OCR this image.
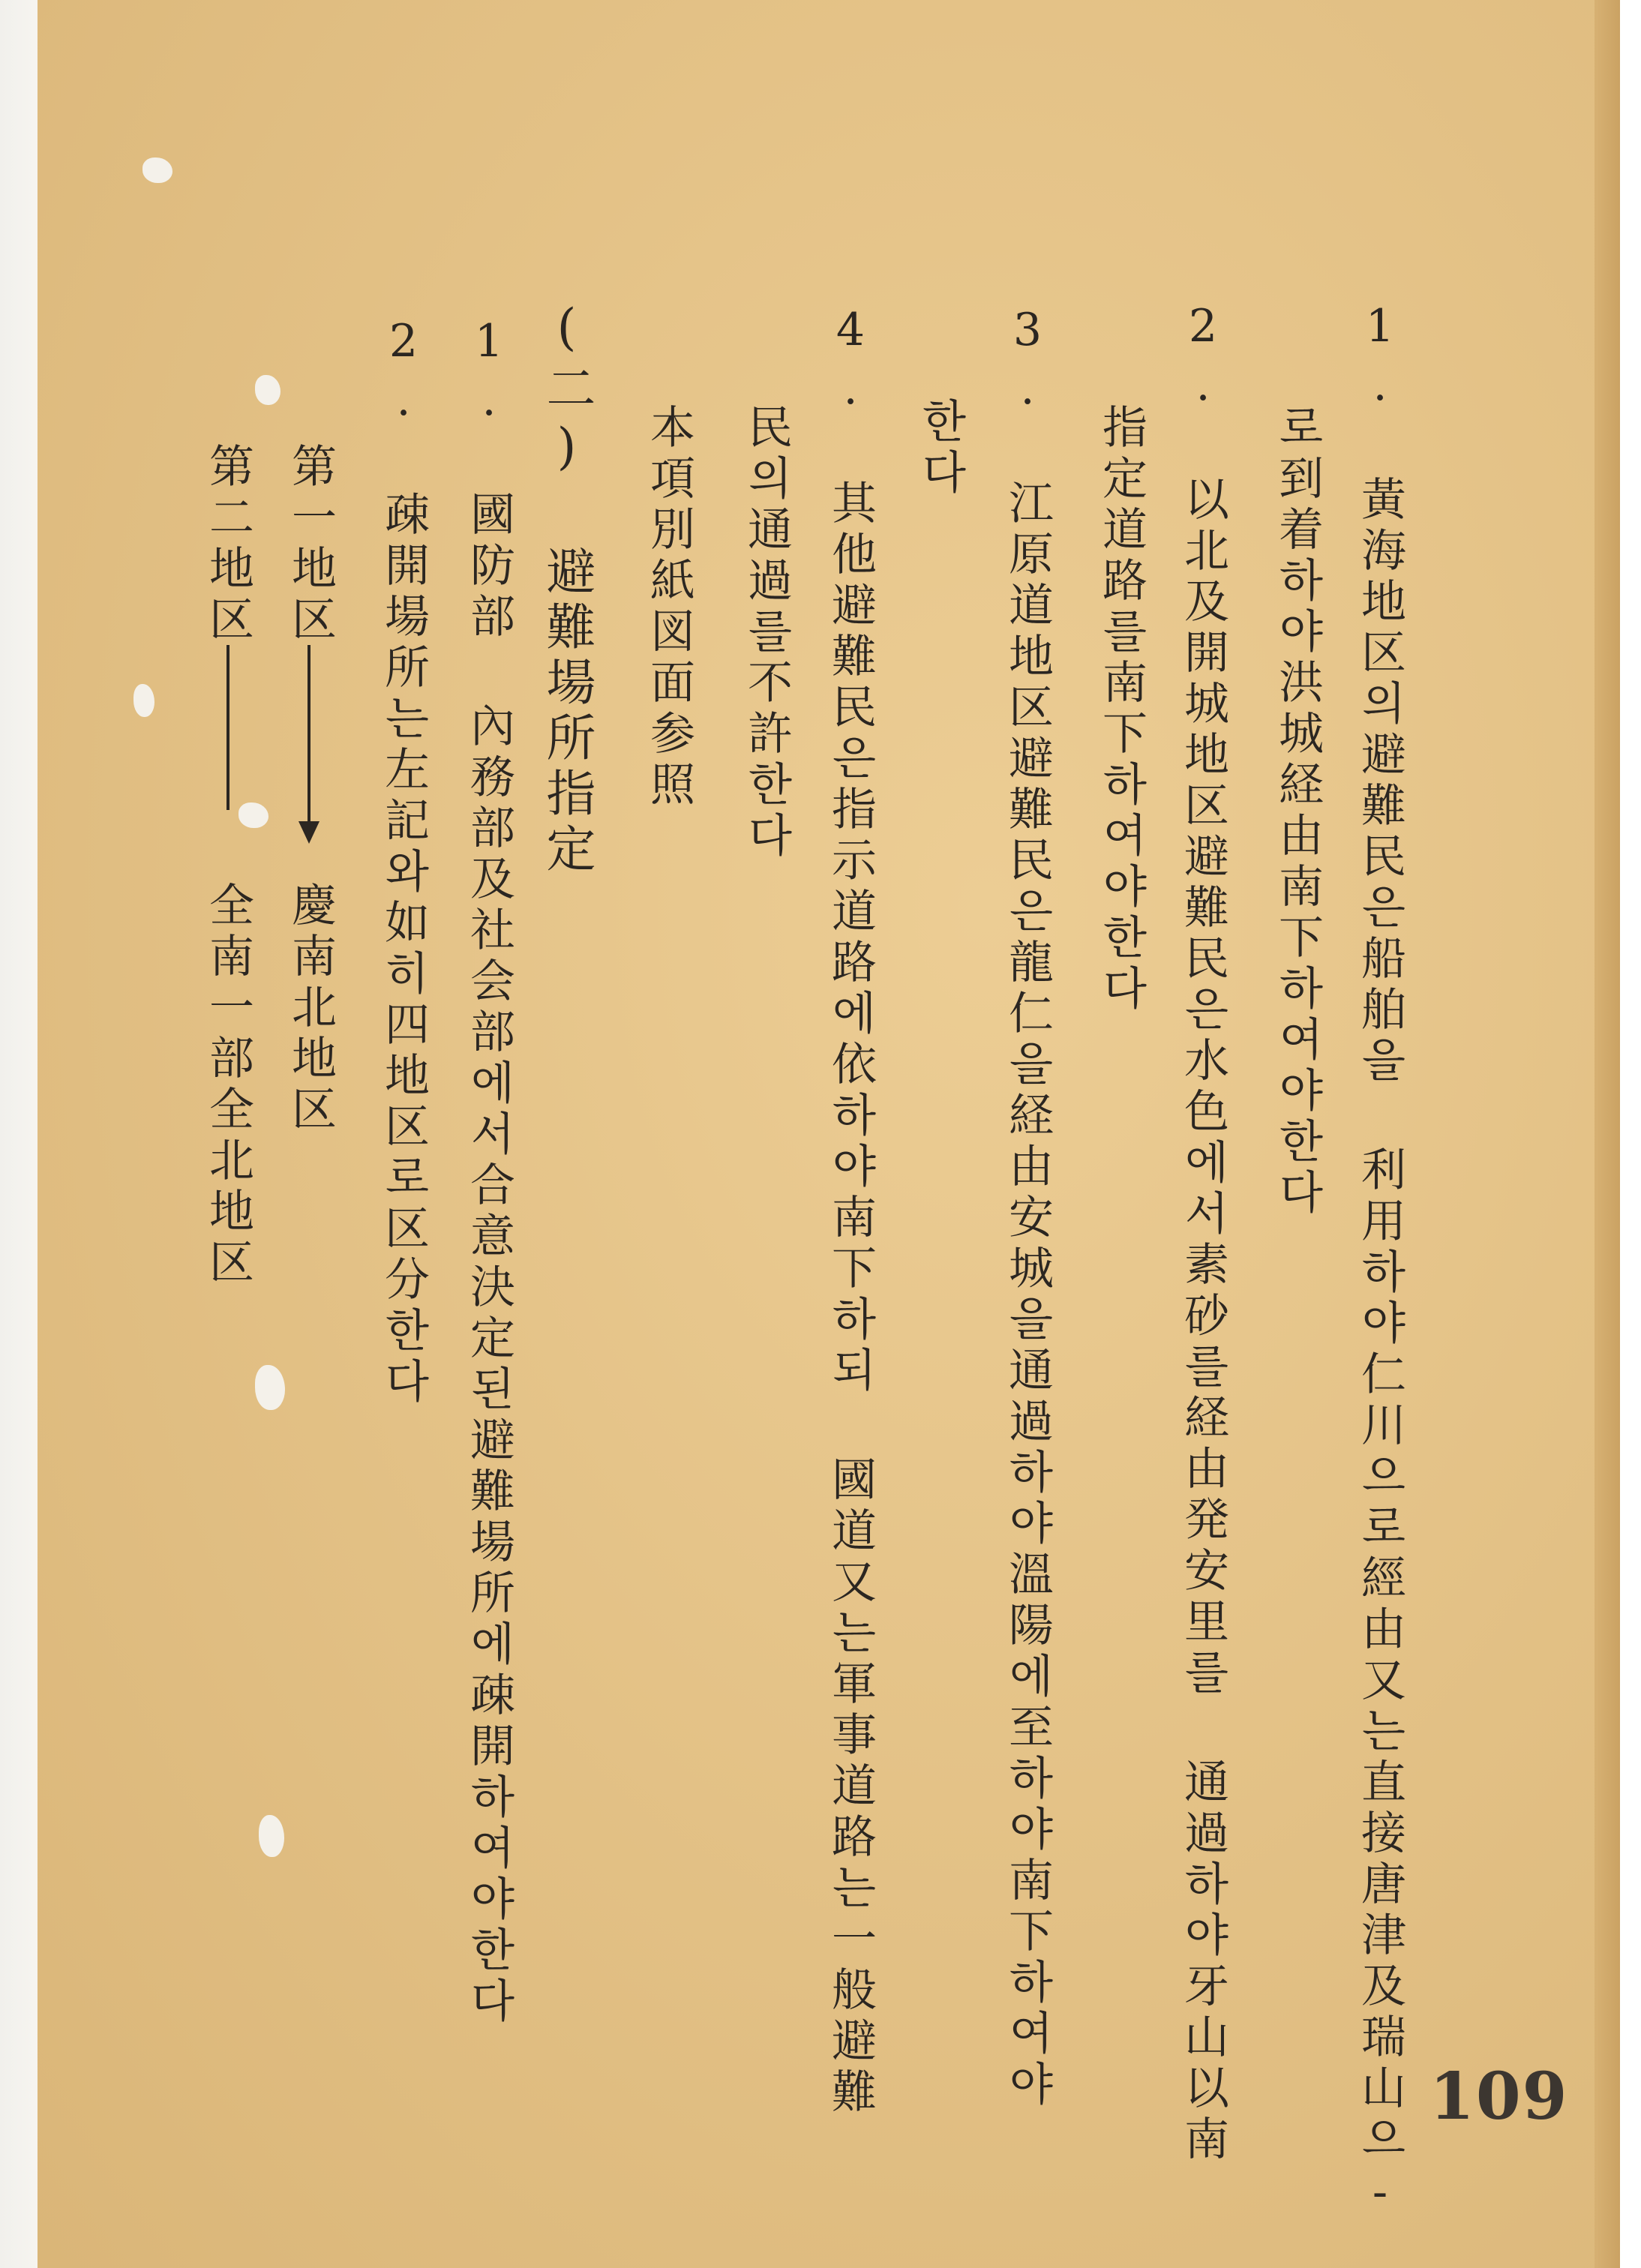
1. 黃海地区의避難民은船舶을 利用하야仁川으로經由又는直接唐津及瑞山으-
로到着하야洪城経由南下하여야한다
2. 以北及開城地区避難民은水色에서素砂를経由発安里를 通過하야牙山以南
指定道路를南下하여야한다
3. 江原道地区避難民은龍仁을経由安城을通過하야溫陽에至하야南下하여야
한다
4. 其他避難民은指示道路에依하야南下하되 國道又는軍事道路는一般避難
民의通過를不許한다
本項別紙図面参照
(二) 避難場所指定
1. 國防部 內務部及社会部에서合意決定된避難場所에疎開하여야한다
2. 疎開場所는左記와如히四地区로区分한다
第一地区
慶南北地区
第二地区
全南一部全北地区
109
